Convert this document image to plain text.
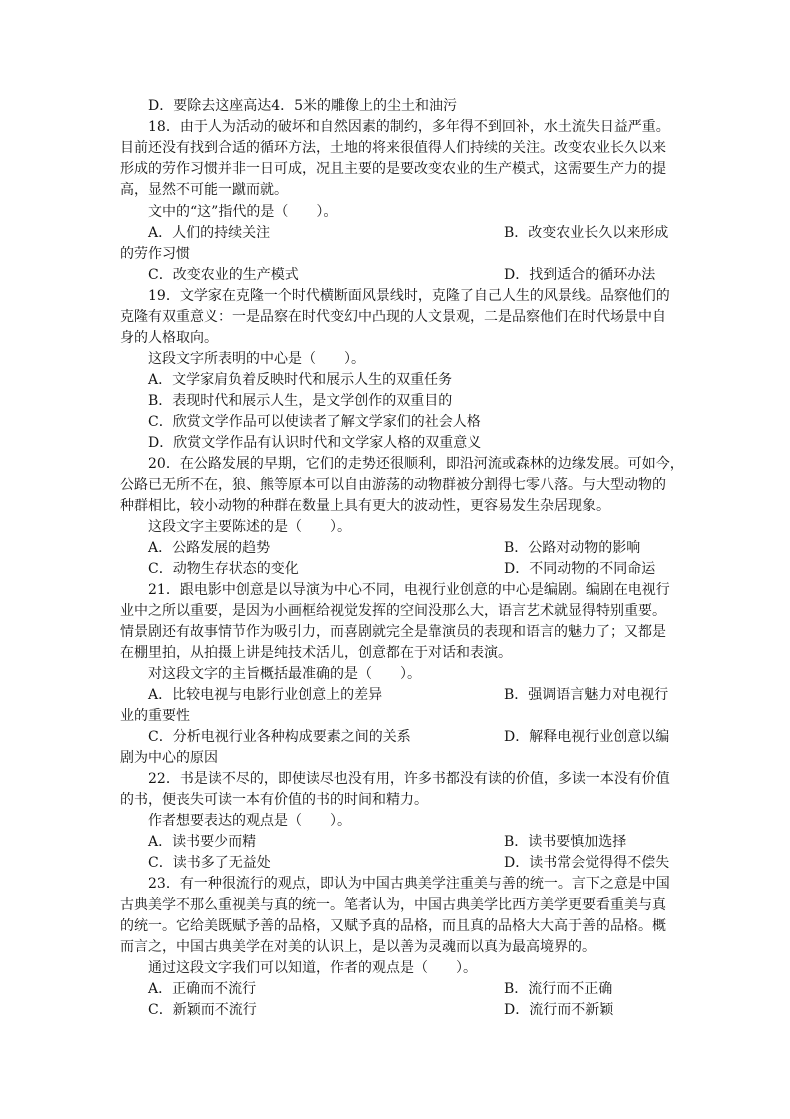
D．要除去这座高达4．5米的雕像上的尘土和油污
18．由于人为活动的破坏和自然因素的制约，多年得不到回补，水土流失日益严重。
目前还没有找到合适的循环方法，土地的将来很值得人们持续的关注。改变农业长久以来
形成的劳作习惯并非一日可成，况且主要的是要改变农业的生产模式，这需要生产力的提
高，显然不可能一蹴而就。
文中的“这”指代的是（　　）。
A．人们的持续关注	B．改变农业长久以来形成
的劳作习惯
C．改变农业的生产模式	D．找到适合的循环办法
19．文学家在克隆一个时代横断面风景线时，克隆了自己人生的风景线。品察他们的
克隆有双重意义：一是品察在时代变幻中凸现的人文景观，二是品察他们在时代场景中自
身的人格取向。
这段文字所表明的中心是（　　）。
A．文学家肩负着反映时代和展示人生的双重任务
B．表现时代和展示人生，是文学创作的双重目的
C．欣赏文学作品可以使读者了解文学家们的社会人格
D．欣赏文学作品有认识时代和文学家人格的双重意义
20．在公路发展的早期，它们的走势还很顺利，即沿河流或森林的边缘发展。可如今，
公路已无所不在，狼、熊等原本可以自由游荡的动物群被分割得七零八落。与大型动物的
种群相比，较小动物的种群在数量上具有更大的波动性，更容易发生杂居现象。
这段文字主要陈述的是（　　）。
A．公路发展的趋势	B．公路对动物的影响
C．动物生存状态的变化	D．不同动物的不同命运
21．跟电影中创意是以导演为中心不同，电视行业创意的中心是编剧。编剧在电视行
业中之所以重要，是因为小画框给视觉发挥的空间没那么大，语言艺术就显得特别重要。
情景剧还有故事情节作为吸引力，而喜剧就完全是靠演员的表现和语言的魅力了；又都是
在棚里拍，从拍摄上讲是纯技术活儿，创意都在于对话和表演。
对这段文字的主旨概括最准确的是（　　）。
A．比较电视与电影行业创意上的差异	B．强调语言魅力对电视行
业的重要性
C．分析电视行业各种构成要素之间的关系	D．解释电视行业创意以编
剧为中心的原因
22．书是读不尽的，即使读尽也没有用，许多书都没有读的价值，多读一本没有价值
的书，便丧失可读一本有价值的书的时间和精力。
作者想要表达的观点是（　　）。
A．读书要少而精	B．读书要慎加选择
C．读书多了无益处	D．读书常会觉得得不偿失
23．有一种很流行的观点，即认为中国古典美学注重美与善的统一。言下之意是中国
古典美学不那么重视美与真的统一。笔者认为，中国古典美学比西方美学更要看重美与真
的统一。它给美既赋予善的品格，又赋予真的品格，而且真的品格大大高于善的品格。概
而言之，中国古典美学在对美的认识上，是以善为灵魂而以真为最高境界的。
通过这段文字我们可以知道，作者的观点是（　　）。
A．正确而不流行	B．流行而不正确
C．新颖而不流行	D．流行而不新颖
